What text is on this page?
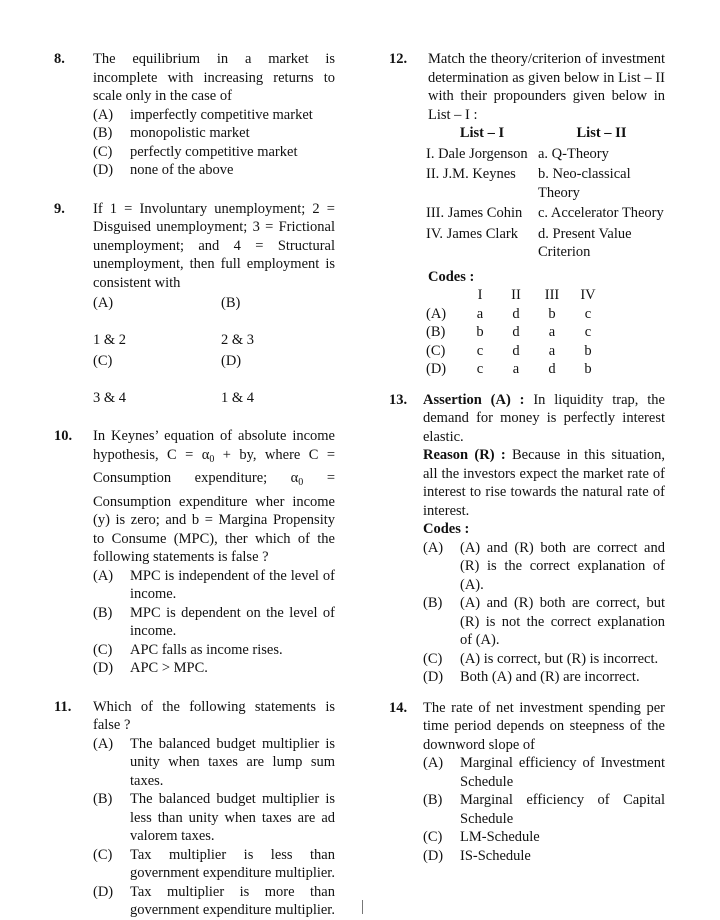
8. The equilibrium in a market is incomplete with increasing returns to scale only in the case of
(A) imperfectly competitive market
(B) monopolistic market
(C) perfectly competitive market
(D) none of the above
9. If 1 = Involuntary unemployment; 2 = Disguised unemployment; 3 = Frictional unemployment; and 4 = Structural unemployment, then full employment is consistent with
(A)

1 & 2
(B)

2 & 3
(C)

3 & 4
(D)

1 & 4
10. In Keynes’ equation of absolute income hypothesis, $C = \alpha_0$ + by, where C = Consumption expenditure; $\alpha_0$ = Consumption expenditure wher income (y) is zero; and b = Margina Propensity to Consume (MPC), ther which of the following statements is false ?
(A) MPC is independent of the level of income.
(B) MPC is dependent on the level of income.
(C) APC falls as income rises.
(D) APC > MPC.
11. Which of the following statements is false ?
(A) The balanced budget multiplier is unity when taxes are lump sum taxes.
(B) The balanced budget multiplier is less than unity when taxes are ad valorem taxes.
(C) Tax multiplier is less than government expenditure multiplier.
(D) Tax multiplier is more than government expenditure multiplier.
12. Match the theory/criterion of investment determination as given below in List – II with their propounders given below in List – I :
List – I	List – II
I. Dale Jorgenson a. Q-Theory
II. J.M. Keynes	b. Neo-classical Theory
III. James Cohin	c. Accelerator Theory
IV. James Clark	d. Present Value Criterion
Codes :
	I	II	III	IV
(A)	a	d	b	c
(B)	b	d	a	c
(C)	c	d	a	b
(D)	c	a	d	b
13. Assertion (A) : In liquidity trap, the demand for money is perfectly interest elastic.
Reason (R) : Because in this situation, all the investors expect the market rate of interest to rise towards the natural rate of interest.
Codes :
(A) (A) and (R) both are correct and (R) is the correct explanation of (A).
(B) (A) and (R) both are correct, but (R) is not the correct explanation of (A).
(C) (A) is correct, but (R) is incorrect.
(D) Both (A) and (R) are incorrect.
14. The rate of net investment spending per time period depends on steepness of the downword slope of
(A) Marginal efficiency of Investment Schedule
(B) Marginal efficiency of Capital Schedule
(C) LM-Schedule
(D) IS-Schedule
